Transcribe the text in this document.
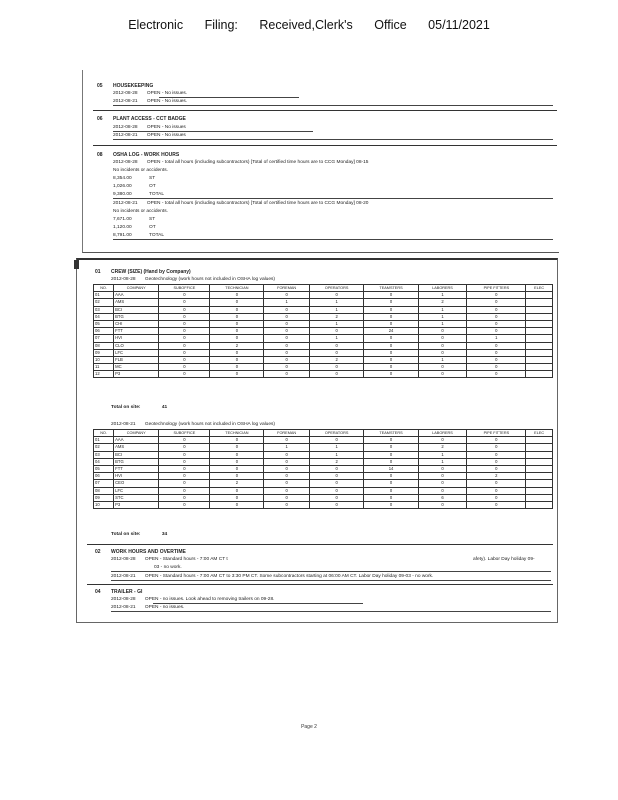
Electronic Filing: Received,Clerk's Office 05/11/2021
05 HOUSEKEEPING
2012-08-28 OPEN - No issues.
2012-08-21 OPEN - No issues.
06 PLANT ACCESS - CCT BADGE
2012-08-28 OPEN - No issues
2012-08-21 OPEN - No issues
08 OSHA LOG - WORK HOURS
2012-08-28 OPEN - total all hours (including subcontractors) [Total of certified time hours are to CCG Monday] 08-15
No incidents or accidents.
8,354.00	ST
1,026.00	OT
9,380.00	TOTAL
2012-08-21 OPEN - total all hours (including subcontractors) [Total of certified time hours are to CCG Monday] 08-20
No incidents or accidents.
7,671.00	ST
1,120.00	OT
8,791.00	TOTAL
01 CREW (SIZE) (Hand by Company)
2012-08-28 Geotechnology (work hours not included in OSHA log values)
NO.	COMPANY	SUBOFFICE	TECHNICIAN	FOREMAN	OPERATORS	TEAMSTERS	LABORERS	PIPE FITTERS	ELEC
01	AAA	0	0	0	0	0	1	0	
02	AMS	0	0	1	1	0	2	0	
03	BCI	0	0	0	1	0	1	0	
04	BTG	0	0	0	2	0	1	0	
05	CHI	0	0	0	1	0	1	0	
06	FTT	0	0	0	0	24	0	0	
07	HVI	0	0	0	1	0	0	1	
08	CLO	0	2	0	0	0	0	0	
09	LFC	0	0	0	0	0	0	0	
10	FLB	0	0	0	2	0	1	0	
11	MC	0	0	0	0	0	0	0	
12	P3	0	0	0	0	0	0	0	
Total on site:	41
2012-08-21 Geotechnology (work hours not included in OSHA log values)
NO.	COMPANY	SUBOFFICE	TECHNICIAN	FOREMAN	OPERATORS	TEAMSTERS	LABORERS	PIPE FITTERS	ELEC
01	AAA	0	0	0	0	0	0	0	
02	AMS	0	0	1	1	0	2	0	
03	BCI	0	0	0	1	0	1	0	
04	BTG	0	0	0	2	0	1	0	
05	FTT	0	0	0	0	14	0	0	
06	HVI	0	0	0	0	0	0	2	
07	CEO	0	2	0	0	0	0	0	
08	LFC	0	0	0	0	0	0	0	
09	STC	0	0	0	0	0	6	0	
10	P3	0	0	0	0	0	0	0	
Total on site:	34
02 WORK HOURS AND OVERTIME
2012-08-28 OPEN - Standard hours - 7:00 AM CT t	afety). Labor Day holiday 09-
03 - no work.
2012-08-21 OPEN - Standard hours - 7:00 AM CT to 3:30 PM CT. Some subcontractors starting at 06:00 AM CT. Labor Day holiday 09-03 - no work.
04 TRAILER - GI
2012-08-28 OPEN - no issues. Look ahead to removing trailers on 09-28.
2012-08-21 OPEN - no issues.
Page 2
